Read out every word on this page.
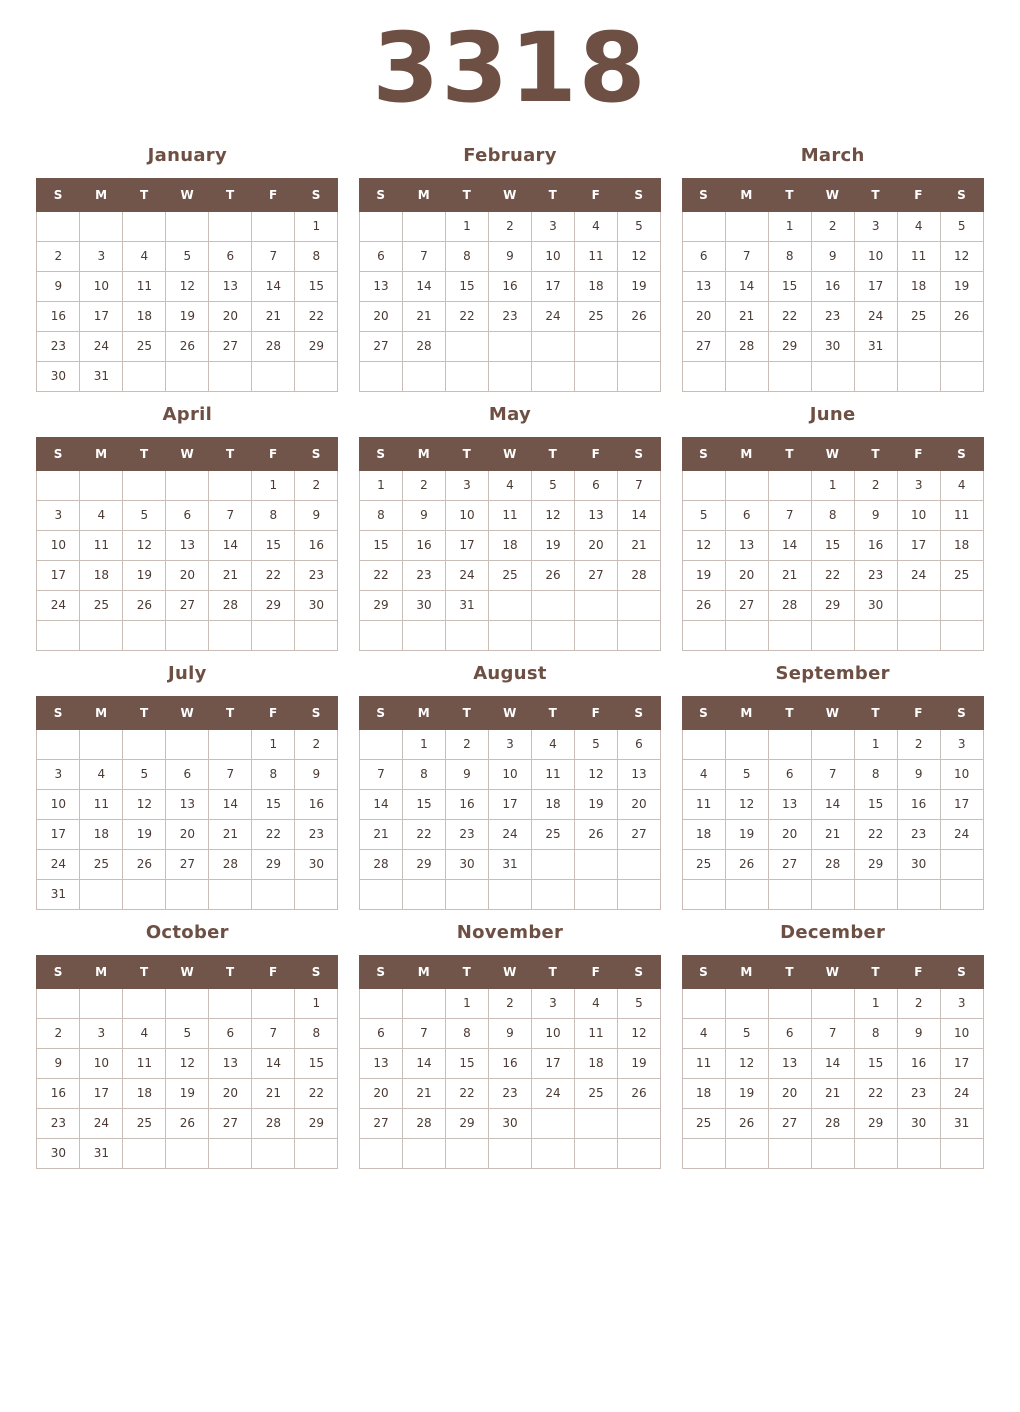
3318
January
S	M	T	W	T	F	S
						1
2	3	4	5	6	7	8
9	10	11	12	13	14	15
16	17	18	19	20	21	22
23	24	25	26	27	28	29
30	31					
February
S	M	T	W	T	F	S
		1	2	3	4	5
6	7	8	9	10	11	12
13	14	15	16	17	18	19
20	21	22	23	24	25	26
27	28					

March
S	M	T	W	T	F	S
		1	2	3	4	5
6	7	8	9	10	11	12
13	14	15	16	17	18	19
20	21	22	23	24	25	26
27	28	29	30	31		

April
S	M	T	W	T	F	S
					1	2
3	4	5	6	7	8	9
10	11	12	13	14	15	16
17	18	19	20	21	22	23
24	25	26	27	28	29	30

May
S	M	T	W	T	F	S
1	2	3	4	5	6	7
8	9	10	11	12	13	14
15	16	17	18	19	20	21
22	23	24	25	26	27	28
29	30	31				

June
S	M	T	W	T	F	S
			1	2	3	4
5	6	7	8	9	10	11
12	13	14	15	16	17	18
19	20	21	22	23	24	25
26	27	28	29	30		

July
S	M	T	W	T	F	S
					1	2
3	4	5	6	7	8	9
10	11	12	13	14	15	16
17	18	19	20	21	22	23
24	25	26	27	28	29	30
31						
August
S	M	T	W	T	F	S
	1	2	3	4	5	6
7	8	9	10	11	12	13
14	15	16	17	18	19	20
21	22	23	24	25	26	27
28	29	30	31			

September
S	M	T	W	T	F	S
				1	2	3
4	5	6	7	8	9	10
11	12	13	14	15	16	17
18	19	20	21	22	23	24
25	26	27	28	29	30	

October
S	M	T	W	T	F	S
						1
2	3	4	5	6	7	8
9	10	11	12	13	14	15
16	17	18	19	20	21	22
23	24	25	26	27	28	29
30	31					
November
S	M	T	W	T	F	S
		1	2	3	4	5
6	7	8	9	10	11	12
13	14	15	16	17	18	19
20	21	22	23	24	25	26
27	28	29	30			

December
S	M	T	W	T	F	S
				1	2	3
4	5	6	7	8	9	10
11	12	13	14	15	16	17
18	19	20	21	22	23	24
25	26	27	28	29	30	31
